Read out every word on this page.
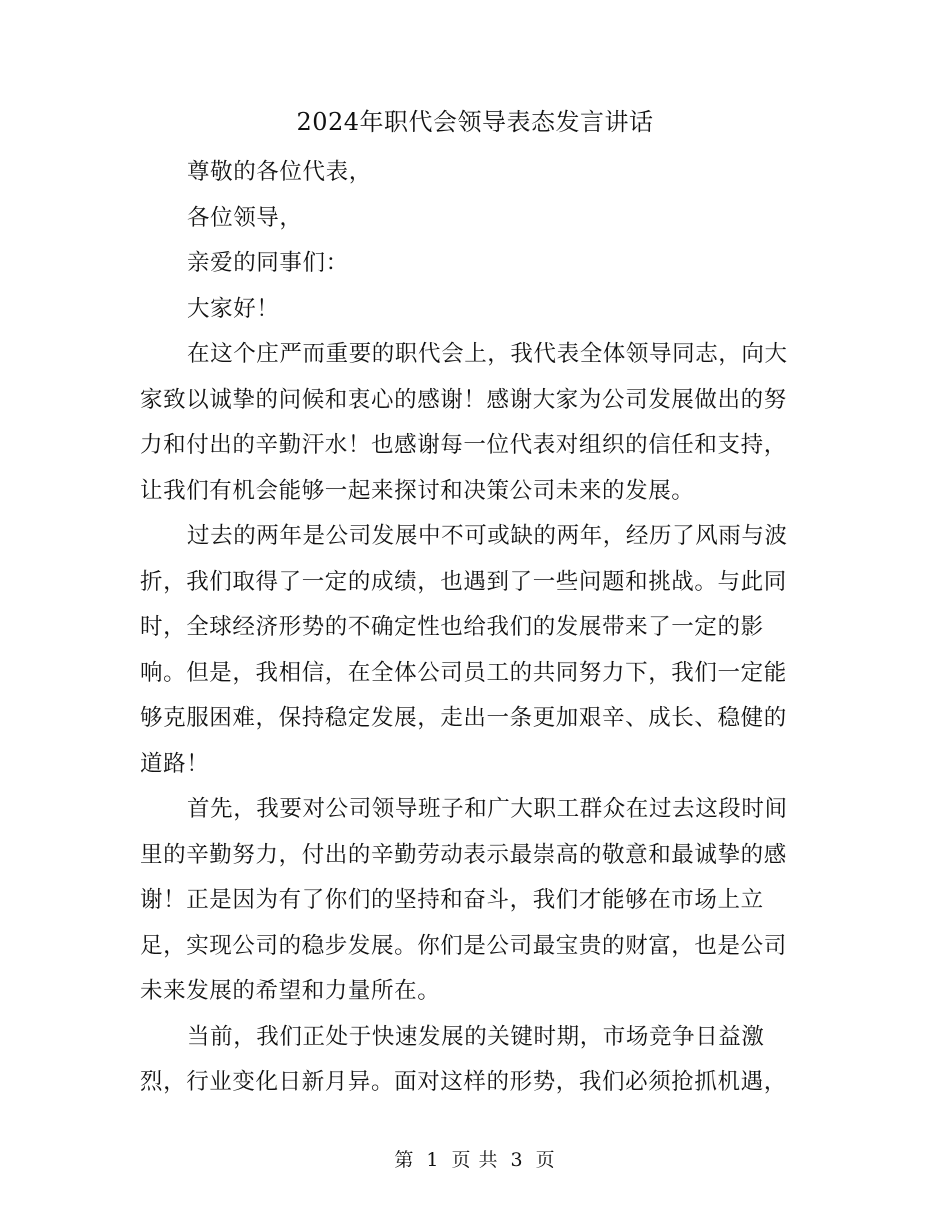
2024年职代会领导表态发言讲话
尊敬的各位代表，
各位领导，
亲爱的同事们：
大家好！
在这个庄严而重要的职代会上，我代表全体领导同志，向大
家致以诚挚的问候和衷心的感谢！感谢大家为公司发展做出的努
力和付出的辛勤汗水！也感谢每一位代表对组织的信任和支持，
让我们有机会能够一起来探讨和决策公司未来的发展。
过去的两年是公司发展中不可或缺的两年，经历了风雨与波
折，我们取得了一定的成绩，也遇到了一些问题和挑战。与此同
时，全球经济形势的不确定性也给我们的发展带来了一定的影
响。但是，我相信，在全体公司员工的共同努力下，我们一定能
够克服困难，保持稳定发展，走出一条更加艰辛、成长、稳健的
道路！
首先，我要对公司领导班子和广大职工群众在过去这段时间
里的辛勤努力，付出的辛勤劳动表示最崇高的敬意和最诚挚的感
谢！正是因为有了你们的坚持和奋斗，我们才能够在市场上立
足，实现公司的稳步发展。你们是公司最宝贵的财富，也是公司
未来发展的希望和力量所在。
当前，我们正处于快速发展的关键时期，市场竞争日益激
烈，行业变化日新月异。面对这样的形势，我们必须抢抓机遇，
第 1 页 共 3 页
